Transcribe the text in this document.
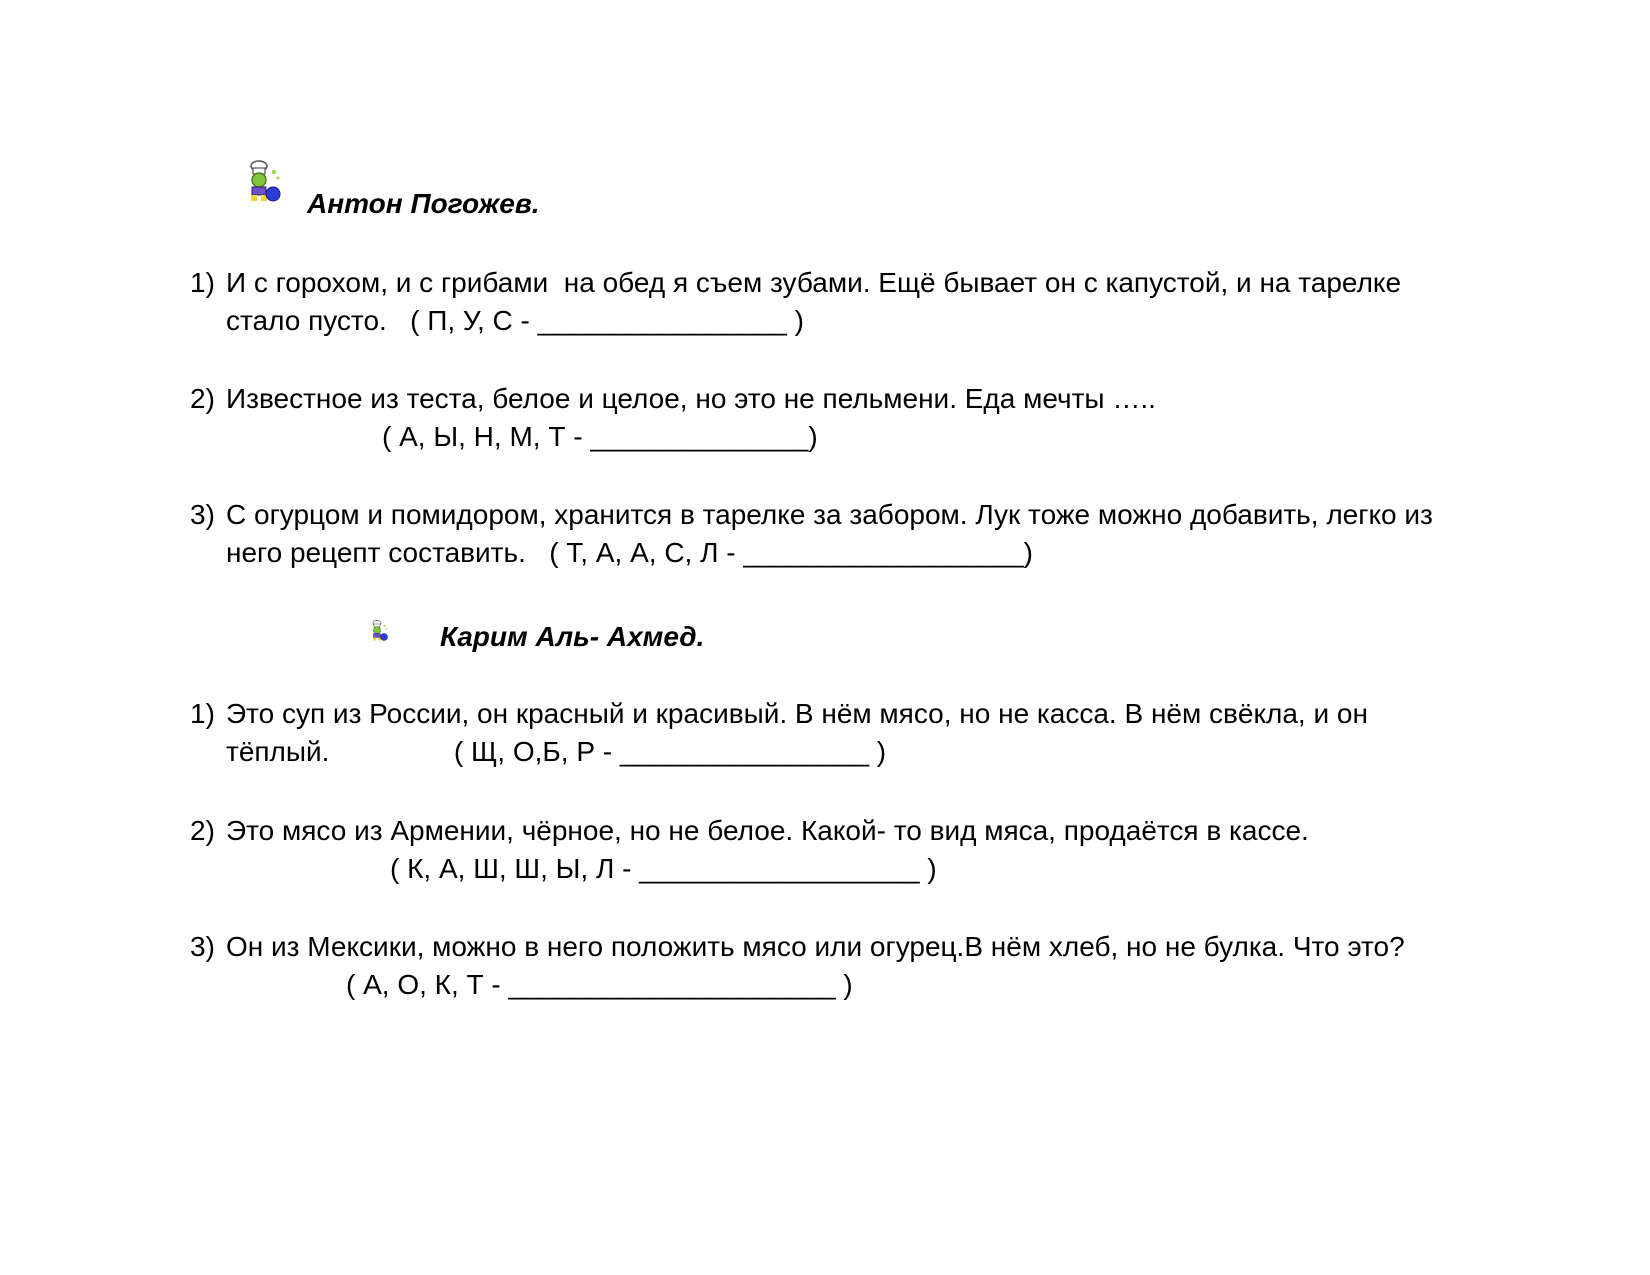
Антон Погожев.
1) И с горохом, и с грибами  на обед я съем зубами. Ещё бывает он с капустой, и на тарелке
стало пусто.   ( П, У, С - ________________ )
2) Известное из теста, белое и целое, но это не пельмени. Еда мечты …..
( А, Ы, Н, М, Т - ______________)
3) С огурцом и помидором, хранится в тарелке за забором. Лук тоже можно добавить, легко из
него рецепт составить.   ( Т, А, А, С, Л - __________________)
Карим Аль- Ахмед.
1) Это суп из России, он красный и красивый. В нём мясо, но не касса. В нём свёкла, и он
тёплый.                ( Щ, О,Б, Р - ________________ )
2) Это мясо из Армении, чёрное, но не белое. Какой- то вид мяса, продаётся в кассе.
( К, А, Ш, Ш, Ы, Л - __________________ )
3) Он из Мексики, можно в него положить мясо или огурец.В нём хлеб, но не булка. Что это?
( А, О, К, Т - _____________________ )
